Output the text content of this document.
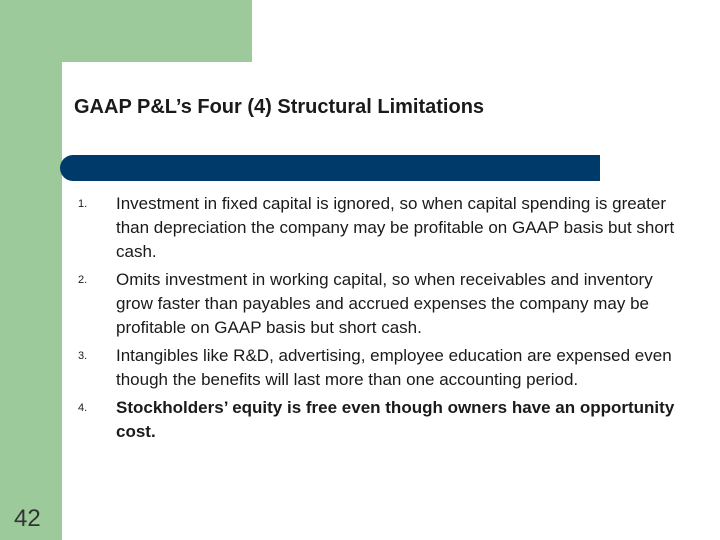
GAAP P&L’s Four (4) Structural Limitations
1. Investment in fixed capital is ignored, so when capital spending is greater than depreciation the company may be profitable on GAAP basis but short cash.
2. Omits investment in working capital, so when receivables and inventory grow faster than payables and accrued expenses the company may be profitable on GAAP basis but short cash.
3. Intangibles like R&D, advertising, employee education are expensed even though the benefits will last more than one accounting period.
4. Stockholders’ equity is free even though owners have an opportunity cost.
42
